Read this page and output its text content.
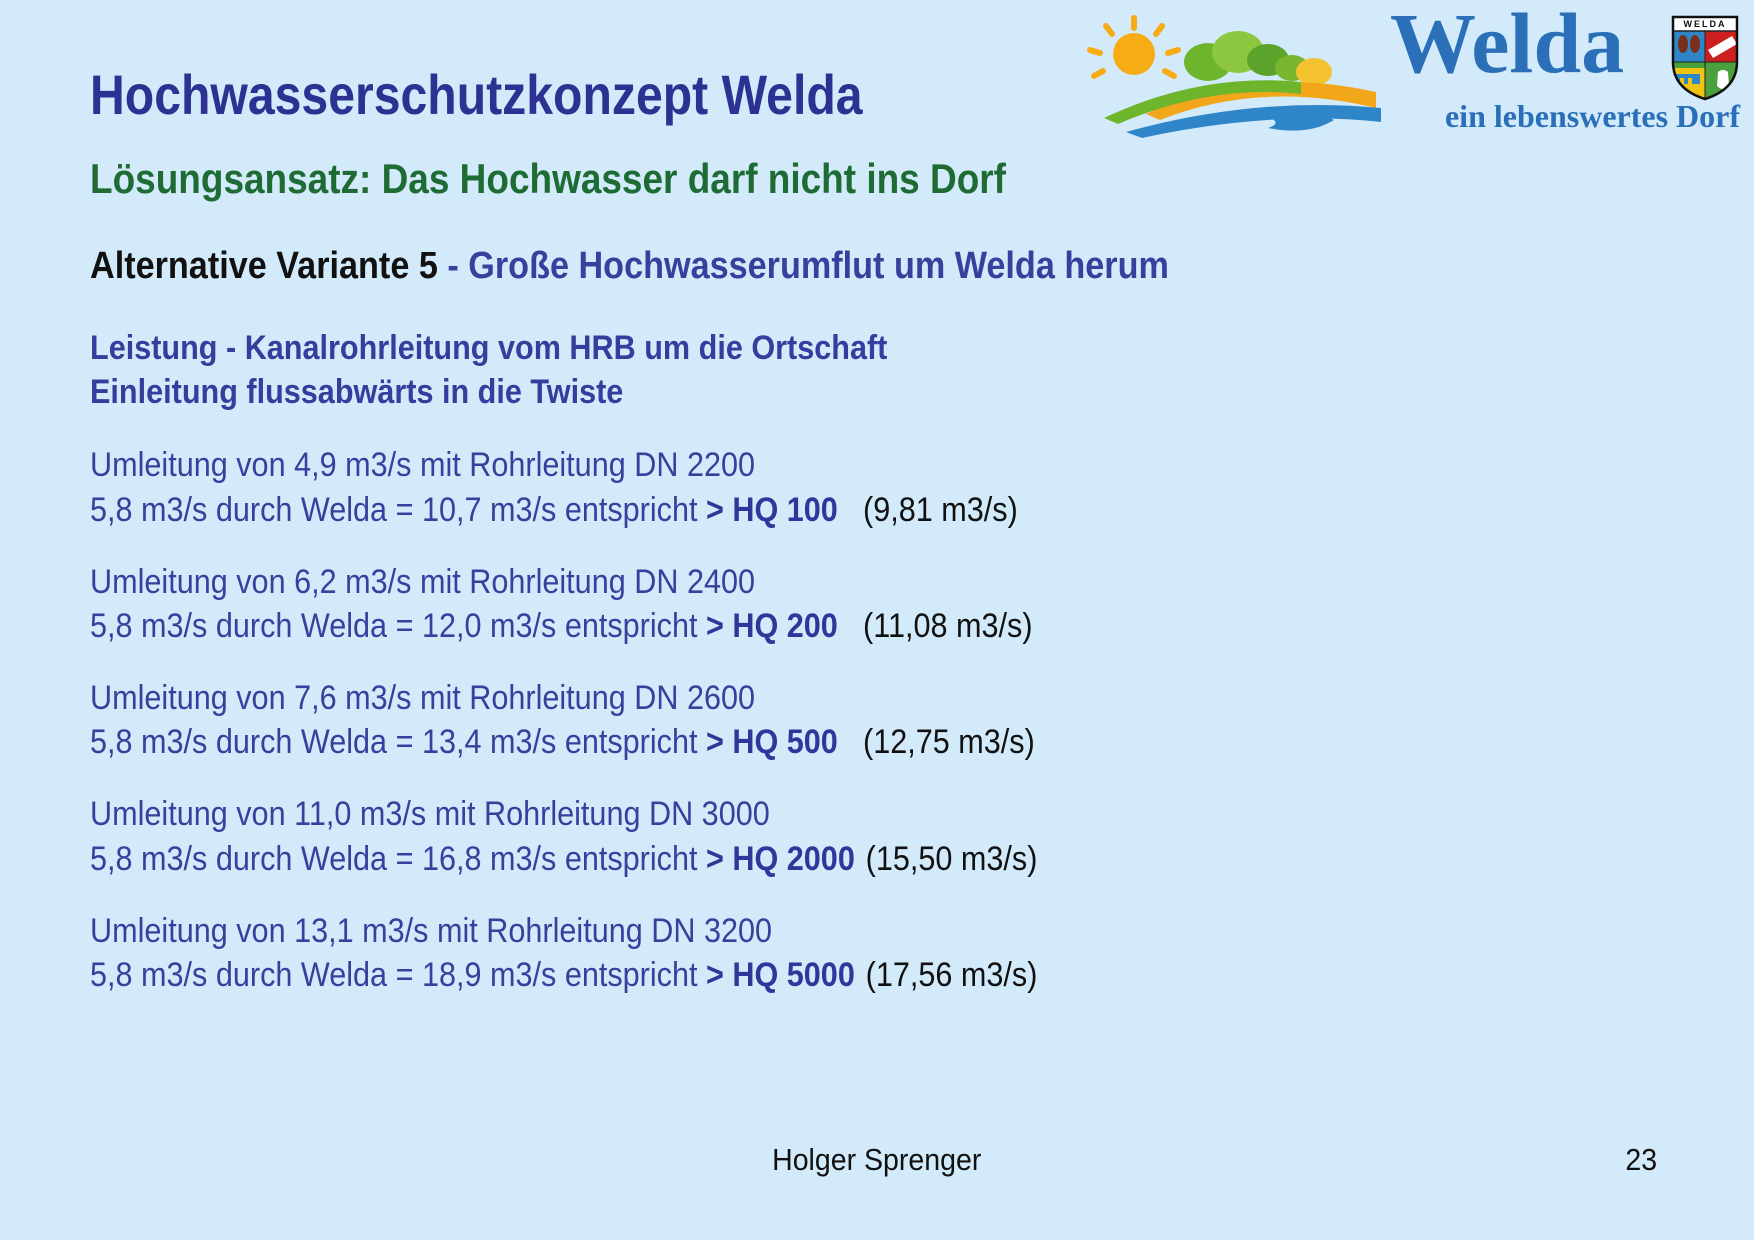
Hochwasserschutzkonzept Welda
Lösungsansatz: Das Hochwasser darf nicht ins Dorf
Alternative Variante 5 - Große Hochwasserumflut um Welda herum
Leistung - Kanalrohrleitung vom HRB um die Ortschaft
Einleitung flussabwärts in die Twiste
Umleitung von 4,9 m3/s mit Rohrleitung DN 2200
5,8 m3/s durch Welda = 10,7 m3/s entspricht > HQ 100 (9,81 m3/s)
Umleitung von 6,2 m3/s mit Rohrleitung DN 2400
5,8 m3/s durch Welda = 12,0 m3/s entspricht > HQ 200 (11,08 m3/s)
Umleitung von 7,6 m3/s mit Rohrleitung DN 2600
5,8 m3/s durch Welda = 13,4 m3/s entspricht > HQ 500 (12,75 m3/s)
Umleitung von 11,0 m3/s mit Rohrleitung DN 3000
5,8 m3/s durch Welda = 16,8 m3/s entspricht > HQ 2000 (15,50 m3/s)
Umleitung von 13,1 m3/s mit Rohrleitung DN 3200
5,8 m3/s durch Welda = 18,9 m3/s entspricht > HQ 5000 (17,56 m3/s)
Welda
ein lebenswertes Dorf
WELDA
Holger Sprenger	23
